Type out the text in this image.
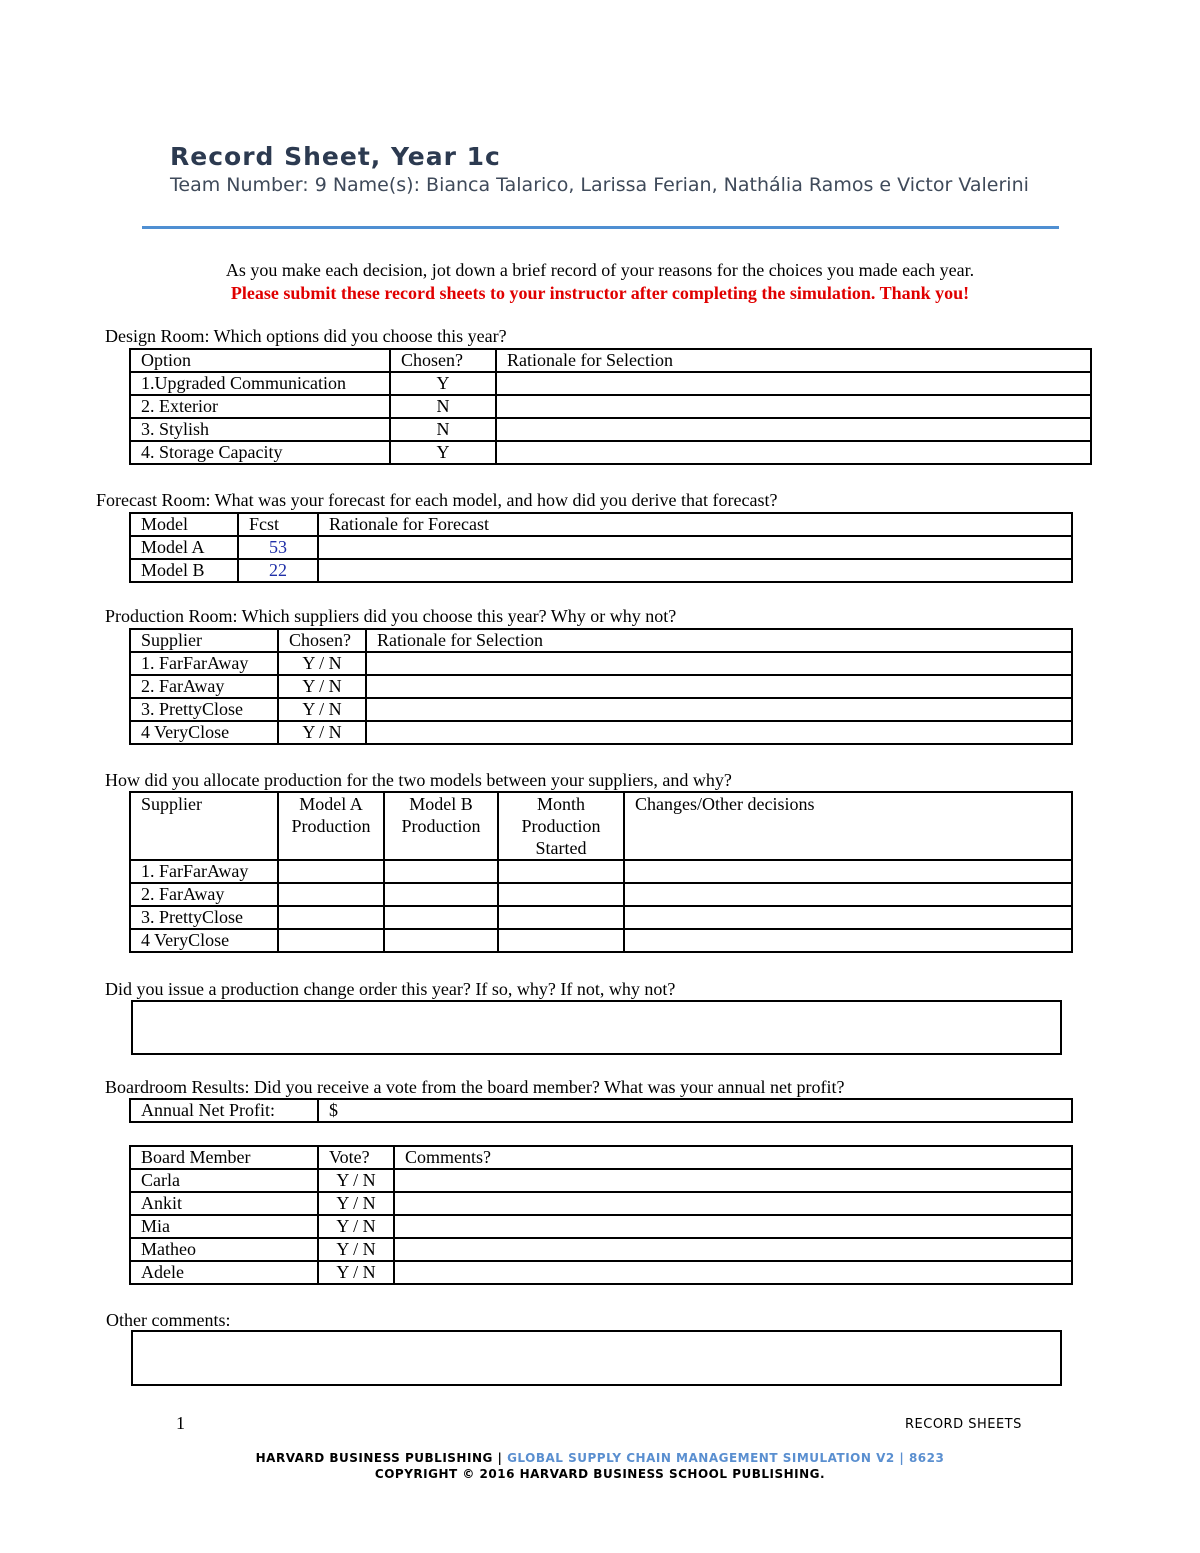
Record Sheet, Year 1c
Team Number: 9 Name(s): Bianca Talarico, Larissa Ferian, Nathália Ramos e Victor Valerini
As you make each decision, jot down a brief record of your reasons for the choices you made each year.
Please submit these record sheets to your instructor after completing the simulation. Thank you!
Design Room: Which options did you choose this year?
Option	Chosen?	Rationale for Selection
1.Upgraded Communication	Y	
2. Exterior	N	
3. Stylish	N	
4. Storage Capacity	Y	
Forecast Room: What was your forecast for each model, and how did you derive that forecast?
Model	Fcst	Rationale for Forecast
Model A	53	
Model B	22	
Production Room: Which suppliers did you choose this year? Why or why not?
Supplier	Chosen?	Rationale for Selection
1. FarFarAway	Y / N	
2. FarAway	Y / N	
3. PrettyClose	Y / N	
4 VeryClose	Y / N	
How did you allocate production for the two models between your suppliers, and why?
Supplier	Model A Production	Model B Production	Month Production Started	Changes/Other decisions
1. FarFarAway				
2. FarAway				
3. PrettyClose				
4 VeryClose				
Did you issue a production change order this year? If so, why? If not, why not?
Boardroom Results: Did you receive a vote from the board member? What was your annual net profit?
Annual Net Profit:	$
Board Member	Vote?	Comments?
Carla	Y / N	
Ankit	Y / N	
Mia	Y / N	
Matheo	Y / N	
Adele	Y / N	
Other comments:
1	RECORD SHEETS
HARVARD BUSINESS PUBLISHING | GLOBAL SUPPLY CHAIN MANAGEMENT SIMULATION V2 | 8623
COPYRIGHT © 2016 HARVARD BUSINESS SCHOOL PUBLISHING.
